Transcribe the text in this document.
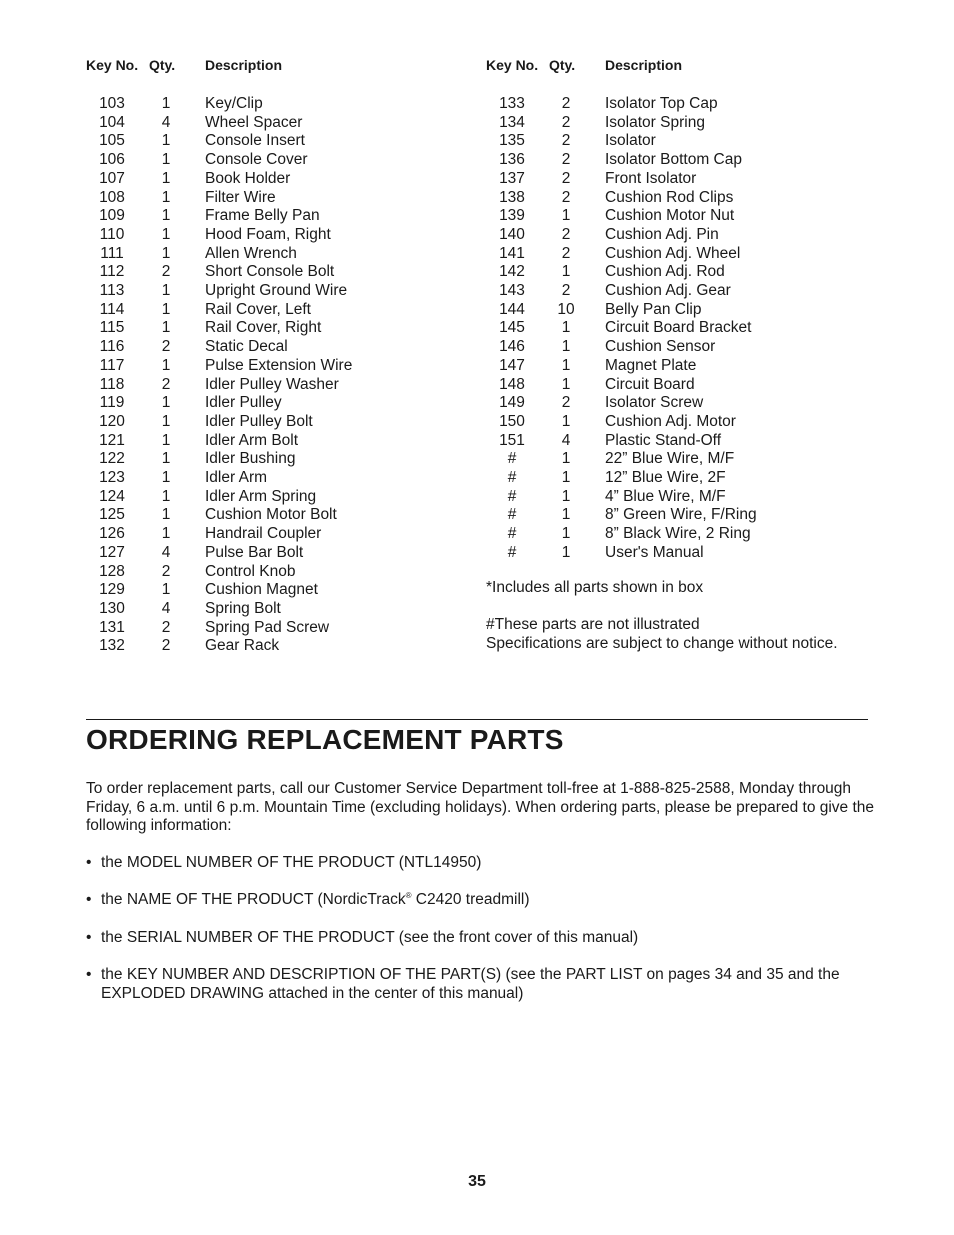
Key No.	Qty.	Description

103	1	Key/Clip
104	4	Wheel Spacer
105	1	Console Insert
106	1	Console Cover
107	1	Book Holder
108	1	Filter Wire
109	1	Frame Belly Pan
110	1	Hood Foam, Right
111	1	Allen Wrench
112	2	Short Console Bolt
113	1	Upright Ground Wire
114	1	Rail Cover, Left
115	1	Rail Cover, Right
116	2	Static Decal
117	1	Pulse Extension Wire
118	2	Idler Pulley Washer
119	1	Idler Pulley
120	1	Idler Pulley Bolt
121	1	Idler Arm Bolt
122	1	Idler Bushing
123	1	Idler Arm
124	1	Idler Arm Spring
125	1	Cushion Motor Bolt
126	1	Handrail Coupler
127	4	Pulse Bar Bolt
128	2	Control Knob
129	1	Cushion Magnet
130	4	Spring Bolt
131	2	Spring Pad Screw
132	2	Gear Rack
Key No.	Qty.	Description

133	2	Isolator Top Cap
134	2	Isolator Spring
135	2	Isolator
136	2	Isolator Bottom Cap
137	2	Front Isolator
138	2	Cushion Rod Clips
139	1	Cushion Motor Nut
140	2	Cushion Adj. Pin
141	2	Cushion Adj. Wheel
142	1	Cushion Adj. Rod
143	2	Cushion Adj. Gear
144	10	Belly Pan Clip
145	1	Circuit Board Bracket
146	1	Cushion Sensor
147	1	Magnet Plate
148	1	Circuit Board
149	2	Isolator Screw
150	1	Cushion Adj. Motor
151	4	Plastic Stand-Off
#	1	22” Blue Wire, M/F
#	1	12” Blue Wire, 2F
#	1	4” Blue Wire, M/F
#	1	8” Green Wire, F/Ring
#	1	8” Black Wire, 2 Ring
#	1	User's Manual
*Includes all parts shown in box
#These parts are not illustrated
Specifications are subject to change without notice.
ORDERING REPLACEMENT PARTS

To order replacement parts, call our Customer Service Department toll-free at 1-888-825-2588, Monday through Friday, 6 a.m. until 6 p.m. Mountain Time (excluding holidays). When ordering parts, please be prepared to give the following information:

• the MODEL NUMBER OF THE PRODUCT (NTL14950)
• the NAME OF THE PRODUCT (NordicTrack® C2420 treadmill)
• the SERIAL NUMBER OF THE PRODUCT (see the front cover of this manual)
• the KEY NUMBER AND DESCRIPTION OF THE PART(S) (see the PART LIST on pages 34 and 35 and the EXPLODED DRAWING attached in the center of this manual)
35
